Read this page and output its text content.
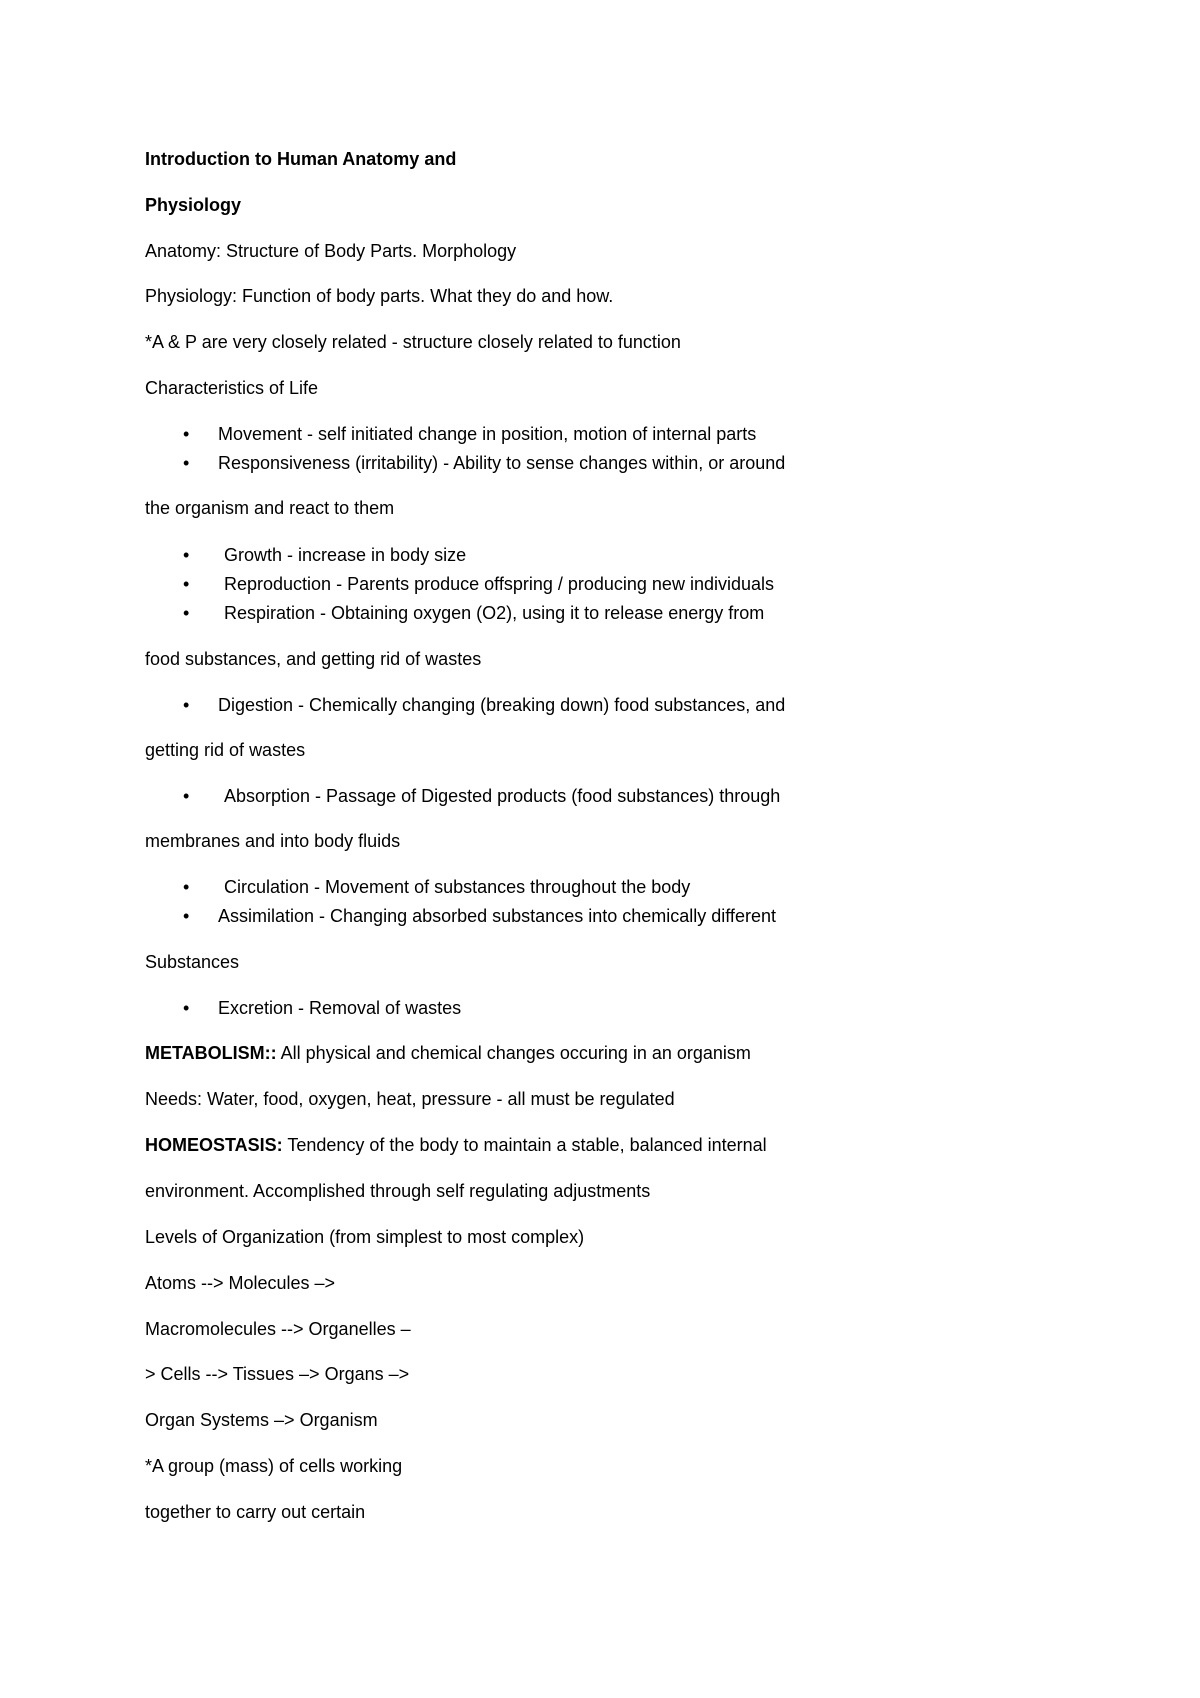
Introduction to Human Anatomy and
Physiology
Anatomy: Structure of Body Parts. Morphology
Physiology: Function of body parts. What they do and how.
*A & P are very closely related - structure closely related to function
Characteristics of Life
• Movement - self initiated change in position, motion of internal parts
• Responsiveness (irritability) - Ability to sense changes within, or around
the organism and react to them
• Growth - increase in body size
• Reproduction - Parents produce offspring / producing new individuals
• Respiration - Obtaining oxygen (O2), using it to release energy from
food substances, and getting rid of wastes
• Digestion - Chemically changing (breaking down) food substances, and
getting rid of wastes
• Absorption - Passage of Digested products (food substances) through
membranes and into body fluids
• Circulation - Movement of substances throughout the body
• Assimilation - Changing absorbed substances into chemically different
Substances
• Excretion - Removal of wastes
METABOLISM:: All physical and chemical changes occuring in an organism
Needs: Water, food, oxygen, heat, pressure - all must be regulated
HOMEOSTASIS: Tendency of the body to maintain a stable, balanced internal
environment. Accomplished through self regulating adjustments
Levels of Organization (from simplest to most complex)
Atoms --> Molecules –>
Macromolecules --> Organelles –
> Cells --> Tissues –> Organs –>
Organ Systems –> Organism
*A group (mass) of cells working
together to carry out certain
